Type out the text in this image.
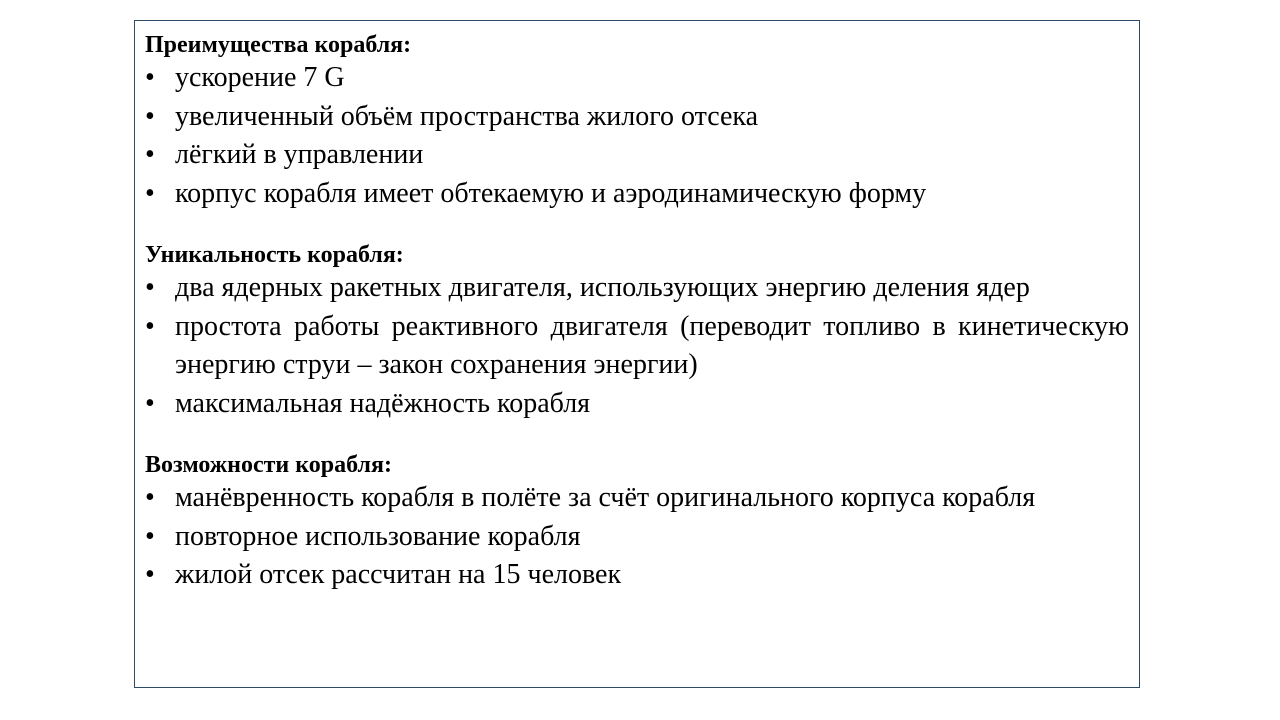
Преимущества корабля:

• ускорение 7 G
• увеличенный объём пространства жилого отсека
• лёгкий в управлении
• корпус корабля имеет обтекаемую и аэродинамическую форму

Уникальность корабля:

• два ядерных ракетных двигателя, использующих энергию деления ядер
• простота работы реактивного двигателя (переводит топливо в кинетическую энергию струи – закон сохранения энергии)
• максимальная надёжность корабля

Возможности корабля:

• манёвренность корабля в полёте за счёт оригинального корпуса корабля
• повторное использование корабля
• жилой отсек рассчитан на 15 человек
